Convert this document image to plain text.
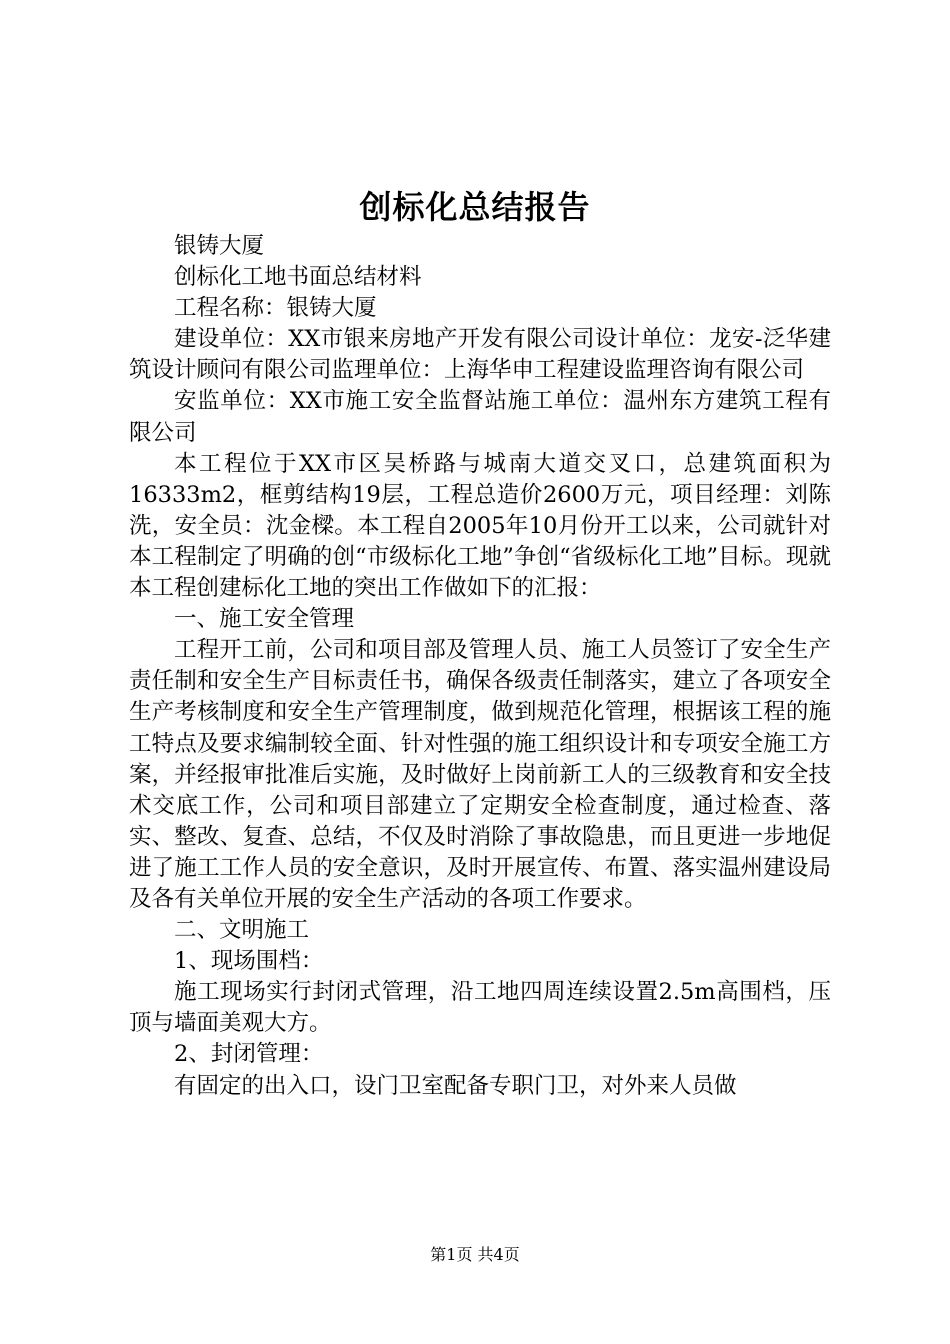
创标化总结报告

银铸大厦

创标化工地书面总结材料

工程名称：银铸大厦

建设单位：XX市银来房地产开发有限公司设计单位：龙安-泛华建筑设计顾问有限公司监理单位：上海华申工程建设监理咨询有限公司

安监单位：XX市施工安全监督站施工单位：温州东方建筑工程有限公司

本工程位于XX市区吴桥路与城南大道交叉口，总建筑面积为16333m2，框剪结构19层，工程总造价2600万元，项目经理：刘陈洗，安全员：沈金樑。本工程自2005年10月份开工以来，公司就针对本工程制定了明确的创“市级标化工地”争创“省级标化工地”目标。现就本工程创建标化工地的突出工作做如下的汇报：

一、施工安全管理

工程开工前，公司和项目部及管理人员、施工人员签订了安全生产责任制和安全生产目标责任书，确保各级责任制落实，建立了各项安全生产考核制度和安全生产管理制度，做到规范化管理，根据该工程的施工特点及要求编制较全面、针对性强的施工组织设计和专项安全施工方案，并经报审批准后实施，及时做好上岗前新工人的三级教育和安全技术交底工作，公司和项目部建立了定期安全检查制度，通过检查、落实、整改、复查、总结，不仅及时消除了事故隐患，而且更进一步地促进了施工工作人员的安全意识，及时开展宣传、布置、落实温州建设局及各有关单位开展的安全生产活动的各项工作要求。

二、文明施工

1、现场围档：

施工现场实行封闭式管理，沿工地四周连续设置2.5m高围档，压顶与墙面美观大方。

2、封闭管理：

有固定的出入口，设门卫室配备专职门卫，对外来人员做

第1页 共4页
